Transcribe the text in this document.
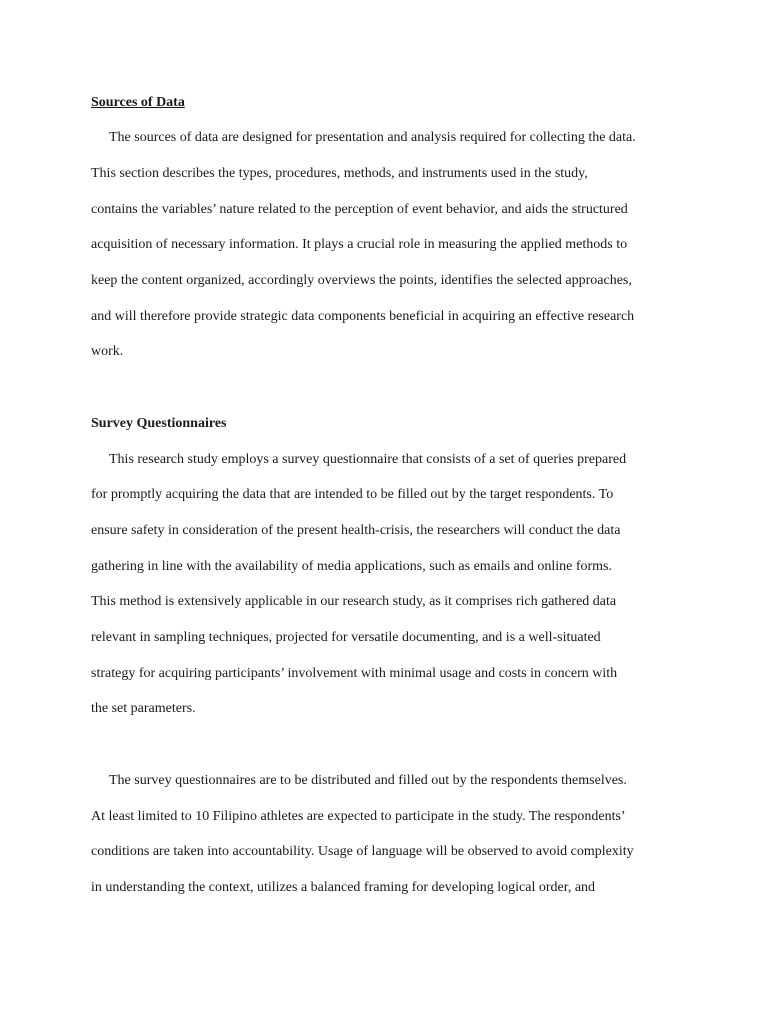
Sources of Data
The sources of data are designed for presentation and analysis required for collecting the data.
This section describes the types, procedures, methods, and instruments used in the study,
contains the variables’ nature related to the perception of event behavior, and aids the structured
acquisition of necessary information. It plays a crucial role in measuring the applied methods to
keep the content organized, accordingly overviews the points, identifies the selected approaches,
and will therefore provide strategic data components beneficial in acquiring an effective research
work.
Survey Questionnaires
This research study employs a survey questionnaire that consists of a set of queries prepared
for promptly acquiring the data that are intended to be filled out by the target respondents. To
ensure safety in consideration of the present health-crisis, the researchers will conduct the data
gathering in line with the availability of media applications, such as emails and online forms.
This method is extensively applicable in our research study, as it comprises rich gathered data
relevant in sampling techniques, projected for versatile documenting, and is a well-situated
strategy for acquiring participants’ involvement with minimal usage and costs in concern with
the set parameters.
The survey questionnaires are to be distributed and filled out by the respondents themselves.
At least limited to 10 Filipino athletes are expected to participate in the study. The respondents’
conditions are taken into accountability. Usage of language will be observed to avoid complexity
in understanding the context, utilizes a balanced framing for developing logical order, and
